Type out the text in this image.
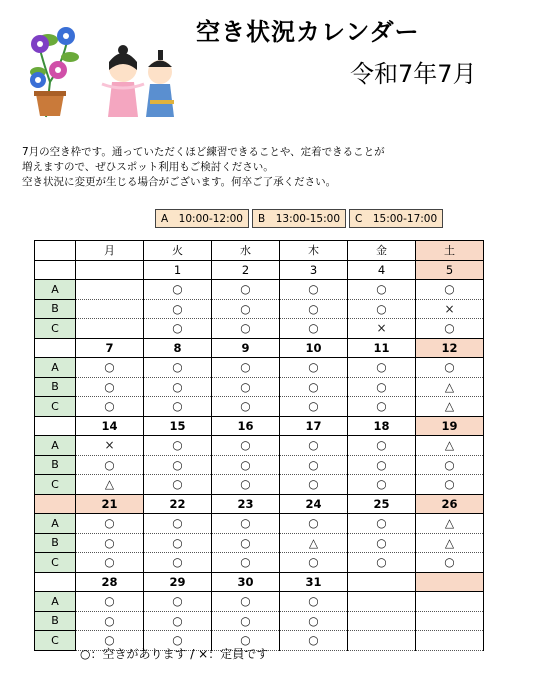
空き状況カレンダー
令和7年7月
7月の空き枠です。通っていただくほど練習できることや、定着できることが
増えますので、ぜひスポット利用もご検討ください。
空き状況に変更が生じる場合がございます。何卒ご了承ください。
A　10:00-12:00	B　13:00-15:00	C　15:00-17:00
	月	火	水	木	金	土
		1	2	3	4	5
A		○	○	○	○	○
B		○	○	○	○	×
C		○	○	○	×	○
	7	8	9	10	11	12
A	○	○	○	○	○	○
B	○	○	○	○	○	△
C	○	○	○	○	○	△
	14	15	16	17	18	19
A	×	○	○	○	○	△
B	○	○	○	○	○	○
C	△	○	○	○	○	○
	21	22	23	24	25	26
A	○	○	○	○	○	△
B	○	○	○	△	○	△
C	○	○	○	○	○	○
	28	29	30	31		
A	○	○	○	○		
B	○	○	○	○		
C	○	○	○	○		
○：空きがあります / ×：定員です
